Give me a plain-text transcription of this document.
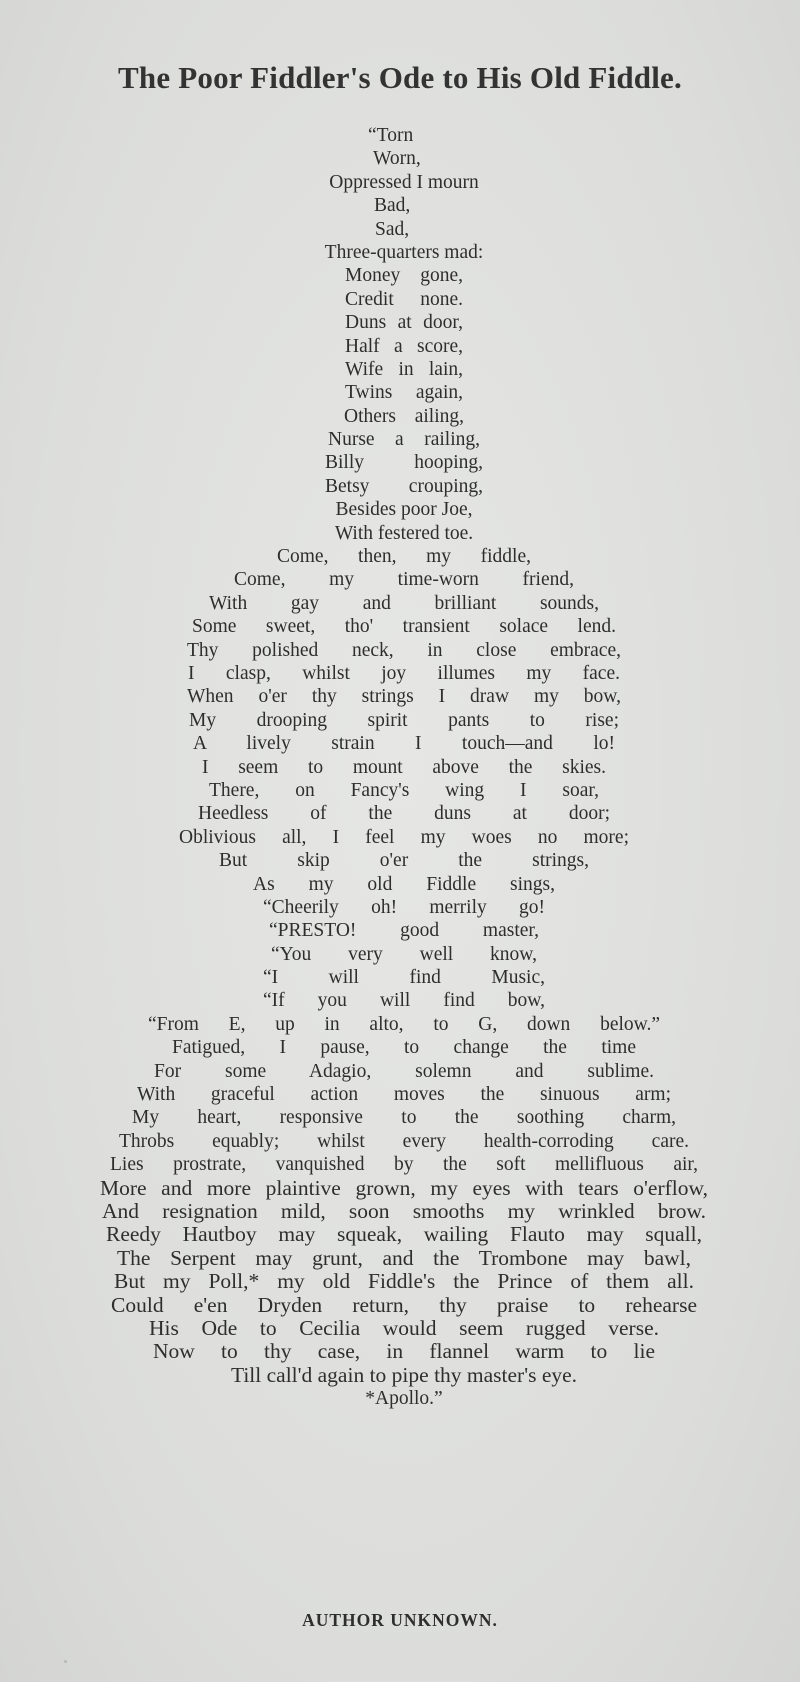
The Poor Fiddler's Ode to His Old Fiddle.
“Torn
Worn,
Oppressed I mourn
Bad,
Sad,
Three-quarters mad:
Money gone,
Credit none.
Duns at door,
Half a score,
Wife in lain,
Twins again,
Others ailing,
Nurse a railing,
Billy hooping,
Betsy crouping,
Besides poor Joe,
With festered toe.
Come, then, my fiddle,
Come, my time-worn friend,
With gay and brilliant sounds,
Some sweet, tho' transient solace lend.
Thy polished neck, in close embrace,
I clasp, whilst joy illumes my face.
When o'er thy strings I draw my bow,
My drooping spirit pants to rise;
A lively strain I touch—and lo!
I seem to mount above the skies.
There, on Fancy's wing I soar,
Heedless of the duns at door;
Oblivious all, I feel my woes no more;
But skip o'er the strings,
As my old Fiddle sings,
“Cheerily oh! merrily go!
“PRESTO! good master,
“You very well know,
“I will find Music,
“If you will find bow,
“From E, up in alto, to G, down below.”
Fatigued, I pause, to change the time
For some Adagio, solemn and sublime.
With graceful action moves the sinuous arm;
My heart, responsive to the soothing charm,
Throbs equably; whilst every health-corroding care.
Lies prostrate, vanquished by the soft mellifluous air,
More and more plaintive grown, my eyes with tears o'erflow,
And resignation mild, soon smooths my wrinkled brow.
Reedy Hautboy may squeak, wailing Flauto may squall,
The Serpent may grunt, and the Trombone may bawl,
But my Poll,* my old Fiddle's the Prince of them all.
Could e'en Dryden return, thy praise to rehearse
His Ode to Cecilia would seem rugged verse.
Now to thy case, in flannel warm to lie
Till call'd again to pipe thy master's eye.
*Apollo.”
AUTHOR UNKNOWN.
